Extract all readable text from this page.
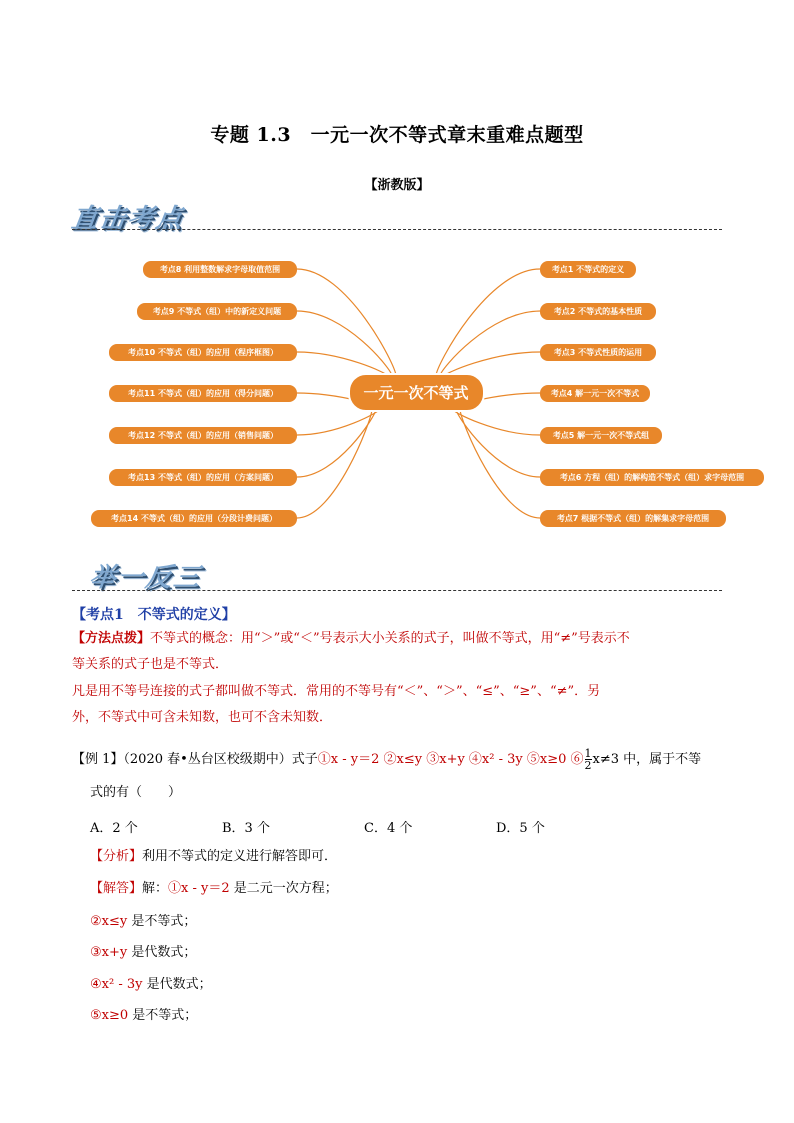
专题 1.3　一元一次不等式章末重难点题型
【浙教版】
直击考点
考点1 不等式的定义
考点2 不等式的基本性质
考点3 不等式性质的运用
考点4 解一元一次不等式
考点5 解一元一次不等式组
考点6 方程（组）的解构造不等式（组）求字母范围
考点7 根据不等式（组）的解集求字母范围
考点8 利用整数解求字母取值范围
考点9 不等式（组）中的新定义问题
考点10 不等式（组）的应用（程序框图）
考点11 不等式（组）的应用（得分问题）
考点12 不等式（组）的应用（销售问题）
考点13 不等式（组）的应用（方案问题）
考点14 不等式（组）的应用（分段计费问题）
一元一次不等式
举一反三
【考点1　不等式的定义】
【方法点拨】不等式的概念：用“＞”或“＜”号表示大小关系的式子，叫做不等式，用“≠”号表示不
等关系的式子也是不等式．
凡是用不等号连接的式子都叫做不等式．常用的不等号有“＜”、“＞”、“≤”、“≥”、“≠”．另
外，不等式中可含未知数，也可不含未知数．
【例 1】（2020 春•丛台区校级期中）式子①x - y＝2 ②x≤y ③x+y ④x² - 3y ⑤x≥0 ⑥ $\frac{1}{2} x\ne 3$ 中，属于不等
式的有（　　）
A．2 个	B．3 个	C．4 个	D．5 个
【分析】利用不等式的定义进行解答即可．
【解答】解：①x - y＝2 是二元一次方程；
②x≤y 是不等式；
③x+y 是代数式；
④x² - 3y 是代数式；
⑤x≥0 是不等式；
